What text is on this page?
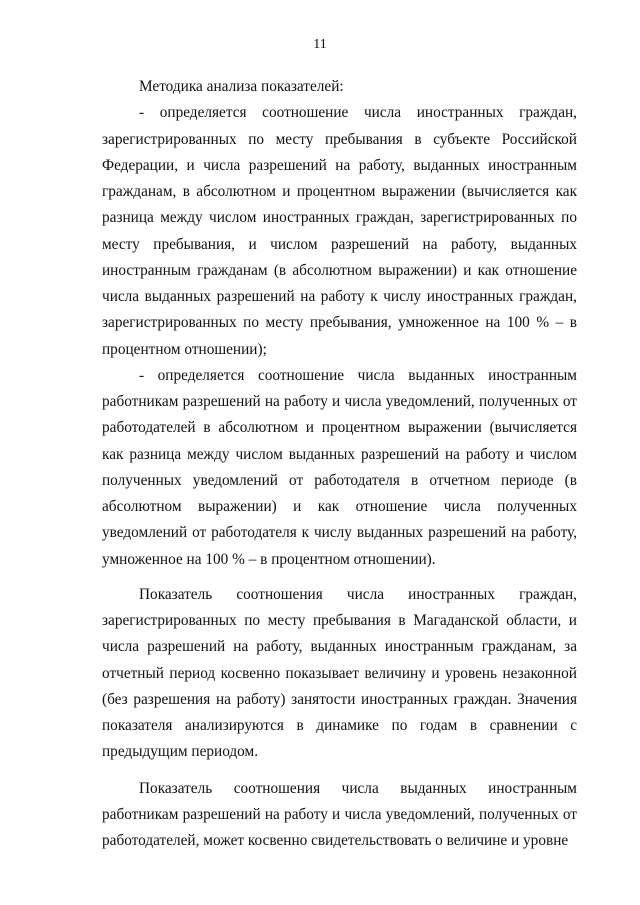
11

Методика анализа показателей:

- определяется соотношение числа иностранных граждан, зарегистрированных по месту пребывания в субъекте Российской Федерации, и числа разрешений на работу, выданных иностранным гражданам, в абсолютном и процентном выражении (вычисляется как разница между числом иностранных граждан, зарегистрированных по месту пребывания, и числом разрешений на работу, выданных иностранным гражданам (в абсолютном выражении) и как отношение числа выданных разрешений на работу к числу иностранных граждан, зарегистрированных по месту пребывания, умноженное на 100 % – в процентном отношении);

- определяется соотношение числа выданных иностранным работникам разрешений на работу и числа уведомлений, полученных от работодателей в абсолютном и процентном выражении (вычисляется как разница между числом выданных разрешений на работу и числом полученных уведомлений от работодателя в отчетном периоде (в абсолютном выражении) и как отношение числа полученных уведомлений от работодателя к числу выданных разрешений на работу, умноженное на 100 % – в процентном отношении).

Показатель соотношения числа иностранных граждан, зарегистрированных по месту пребывания в Магаданской области, и числа разрешений на работу, выданных иностранным гражданам, за отчетный период косвенно показывает величину и уровень незаконной (без разрешения на работу) занятости иностранных граждан. Значения показателя анализируются в динамике по годам в сравнении с предыдущим периодом.

Показатель соотношения числа выданных иностранным работникам разрешений на работу и числа уведомлений, полученных от работодателей, может косвенно свидетельствовать о величине и уровне
